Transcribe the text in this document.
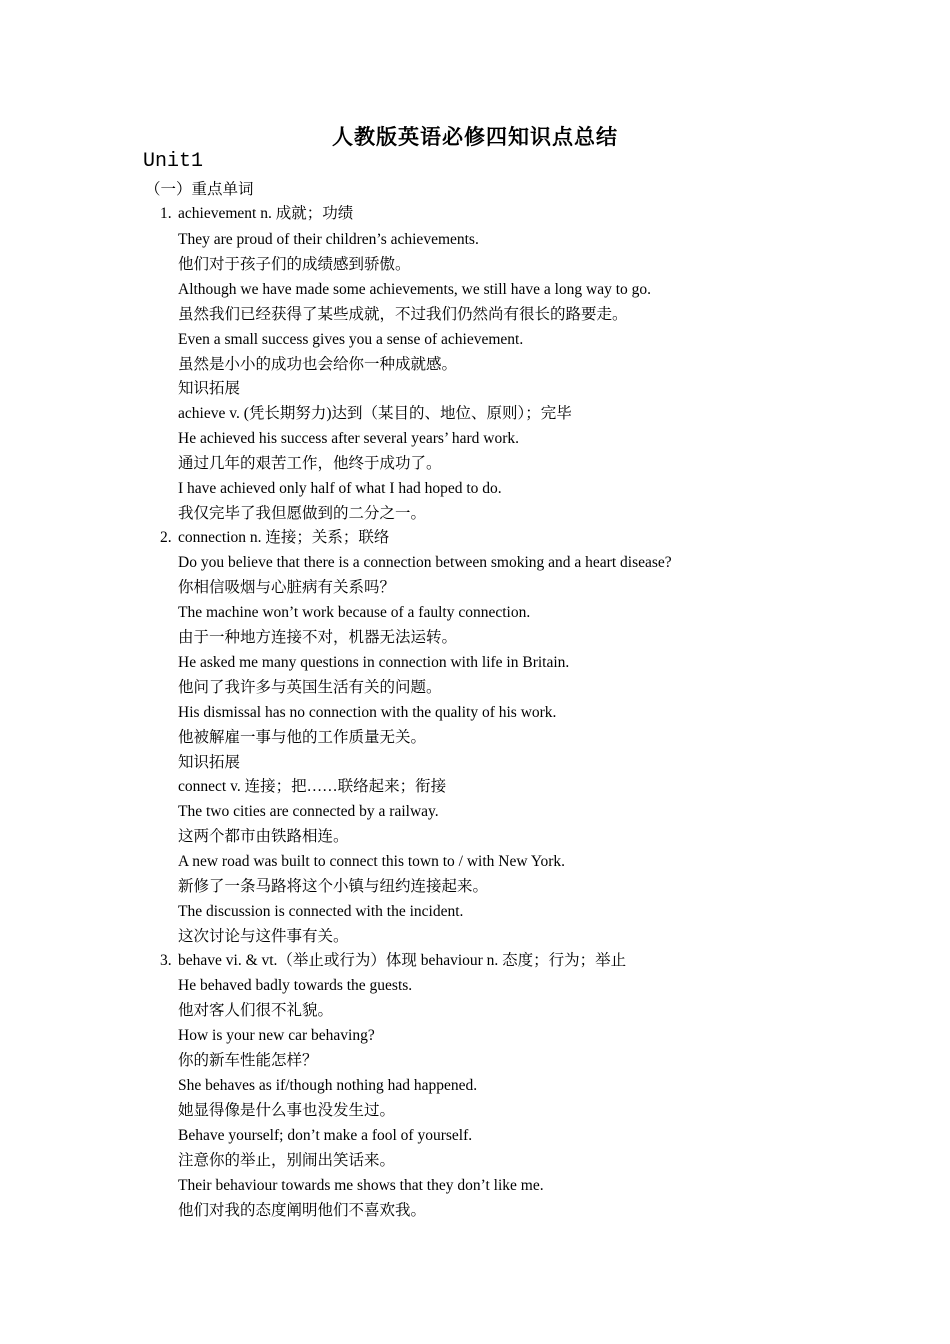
人教版英语必修四知识点总结
Unit1
（一）重点单词
1. achievement n. 成就；功绩
They are proud of their children’s achievements.
他们对于孩子们的成绩感到骄傲。
Although we have made some achievements, we still have a long way to go.
虽然我们已经获得了某些成就，不过我们仍然尚有很长的路要走。
Even a small success gives you a sense of achievement.
虽然是小小的成功也会给你一种成就感。
知识拓展
achieve v. (凭长期努力)达到（某目的、地位、原则）；完毕
He achieved his success after several years’ hard work.
通过几年的艰苦工作，他终于成功了。
I have achieved only half of what I had hoped to do.
我仅完毕了我但愿做到的二分之一。
2. connection n. 连接；关系；联络
Do you believe that there is a connection between smoking and a heart disease?
你相信吸烟与心脏病有关系吗？
The machine won’t work because of a faulty connection.
由于一种地方连接不对，机器无法运转。
He asked me many questions in connection with life in Britain.
他问了我许多与英国生活有关的问题。
His dismissal has no connection with the quality of his work.
他被解雇一事与他的工作质量无关。
知识拓展
connect v. 连接；把……联络起来；衔接
The two cities are connected by a railway.
这两个都市由铁路相连。
A new road was built to connect this town to / with New York.
新修了一条马路将这个小镇与纽约连接起来。
The discussion is connected with the incident.
这次讨论与这件事有关。
3. behave vi. & vt.（举止或行为）体现 behaviour n. 态度；行为；举止
He behaved badly towards the guests.
他对客人们很不礼貌。
How is your new car behaving?
你的新车性能怎样？
She behaves as if/though nothing had happened.
她显得像是什么事也没发生过。
Behave yourself; don’t make a fool of yourself.
注意你的举止，别闹出笑话来。
Their behaviour towards me shows that they don’t like me.
他们对我的态度阐明他们不喜欢我。
